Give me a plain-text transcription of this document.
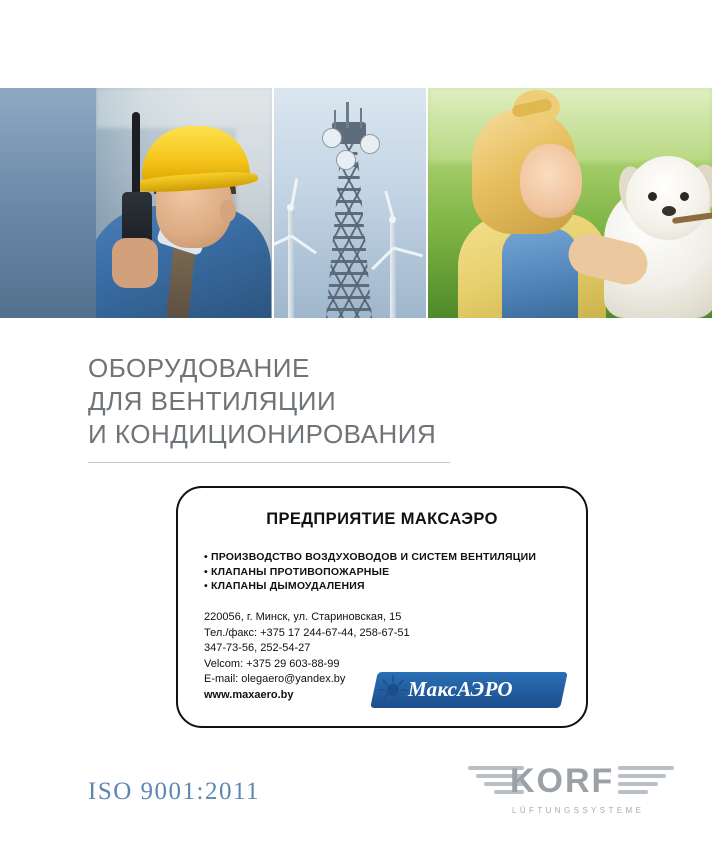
ОБОРУДОВАНИЕ
ДЛЯ ВЕНТИЛЯЦИИ
И КОНДИЦИОНИРОВАНИЯ
ПРЕДПРИЯТИЕ МАКСАЭРО
• ПРОИЗВОДСТВО ВОЗДУХОВОДОВ И СИСТЕМ ВЕНТИЛЯЦИИ
• КЛАПАНЫ ПРОТИВОПОЖАРНЫЕ
• КЛАПАНЫ ДЫМОУДАЛЕНИЯ
220056, г. Минск, ул. Стариновская, 15
Тел./факс: +375 17 244-67-44, 258-67-51
347-73-56, 252-54-27
Velcom: +375 29 603-88-99
E-mail: olegaero@yandex.by
www.maxaero.by	МаксАЭРО
ISO 9001:2011	KORF
LÜFTUNGSSYSTEME
